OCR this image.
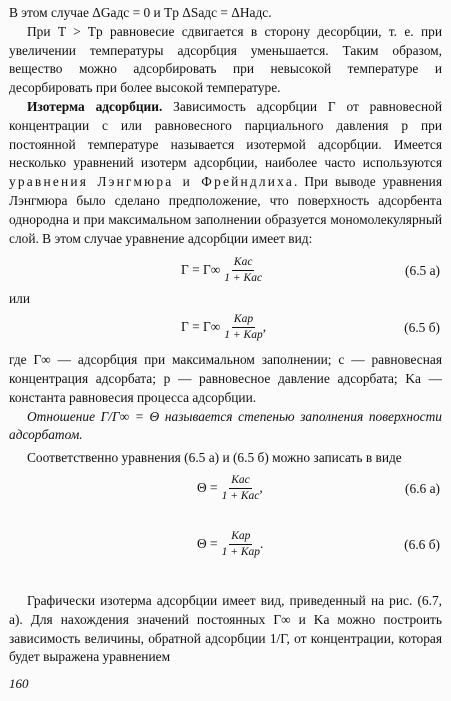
В этом случае ΔGадс = 0 и Tр ΔSадс = ΔHадс.

При T > Tр равновесие сдвигается в сторону десорбции, т. е. при увеличении температуры адсорбция уменьшается. Таким образом, вещество можно адсорбировать при невысокой температуре и десорбировать при более высокой температуре.

Изотерма адсорбции. Зависимость адсорбции Г от равновесной концентрации c или равновесного парциального давления p при постоянной температуре называется изотермой адсорбции. Имеется несколько уравнений изотерм адсорбции, наиболее часто используются уравнения Лэнгмюра и Фрейндлиха. При выводе уравнения Лэнгмюра было сделано предположение, что поверхность адсорбента однородна и при максимальном заполнении образуется мономолекулярный слой. В этом случае уравнение адсорбции имеет вид:

$Г = Г\infty \frac{\text{Kаc}}{\text{1 + Kаc}}$	(6.5 а)

или

$Г = Г\infty \frac{\text{Kаp}}{\text{1 + Kаp}}$ ,	(6.5 б)

где Г∞ — адсорбция при максимальном заполнении; c — равновесная концентрация адсорбата; p — равновесное давление адсорбата; Kа — константа равновесия процесса адсорбции.

Отношение Г/Г∞ = Θ называется степенью заполнения поверхности адсорбатом.

Соответственно уравнения (6.5 а) и (6.5 б) можно записать в виде

$\Theta = \frac{\text{Kаc}}{\text{1 + Kаc}}$ ,	(6.6 а)
$\Theta = \frac{\text{Kаp}}{\text{1 + Kаp}}$ .	(6.6 б)

Графически изотерма адсорбции имеет вид, приведенный на рис. (6.7, а). Для нахождения значений постоянных Г∞ и Kа можно построить зависимость величины, обратной адсорбции 1/Г, от концентрации, которая будет выражена уравнением

160
